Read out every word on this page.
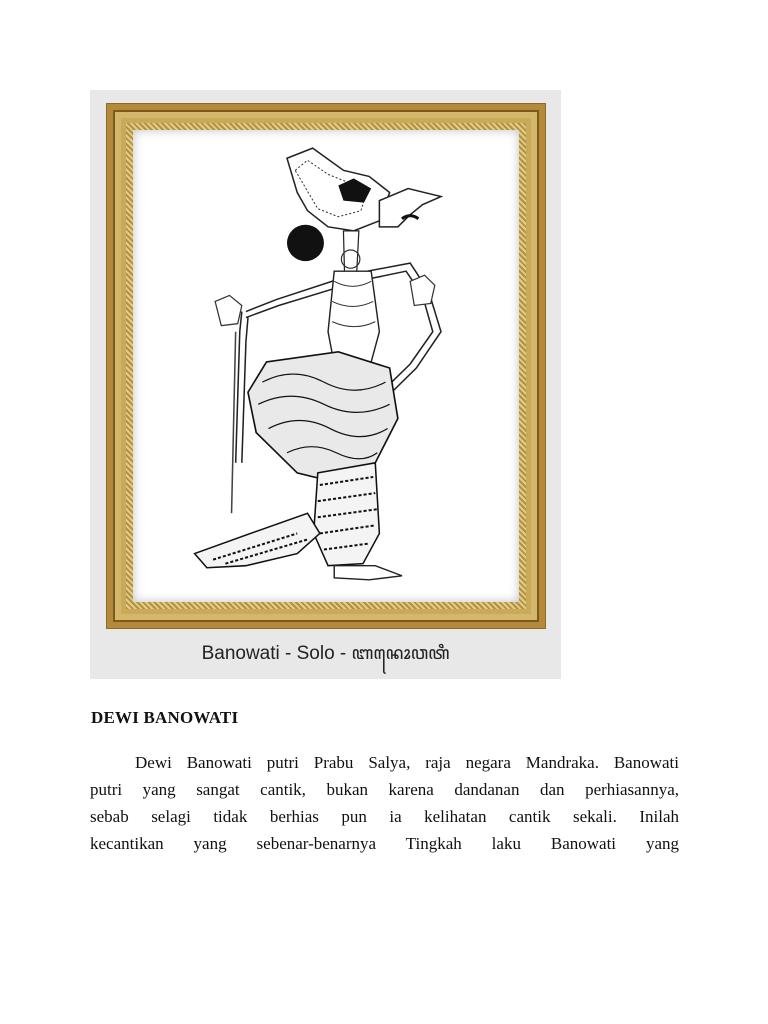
Banowati - Solo - ꦧꦤꦺꦴꦮꦠꦶ
DEWI BANOWATI
Dewi Banowati putri Prabu Salya, raja negara Mandraka. Banowati
putri yang sangat cantik, bukan karena dandanan dan perhiasannya,
sebab selagi tidak berhias pun ia kelihatan cantik sekali. Inilah
kecantikan yang sebenar-benarnya Tingkah laku Banowati yang
